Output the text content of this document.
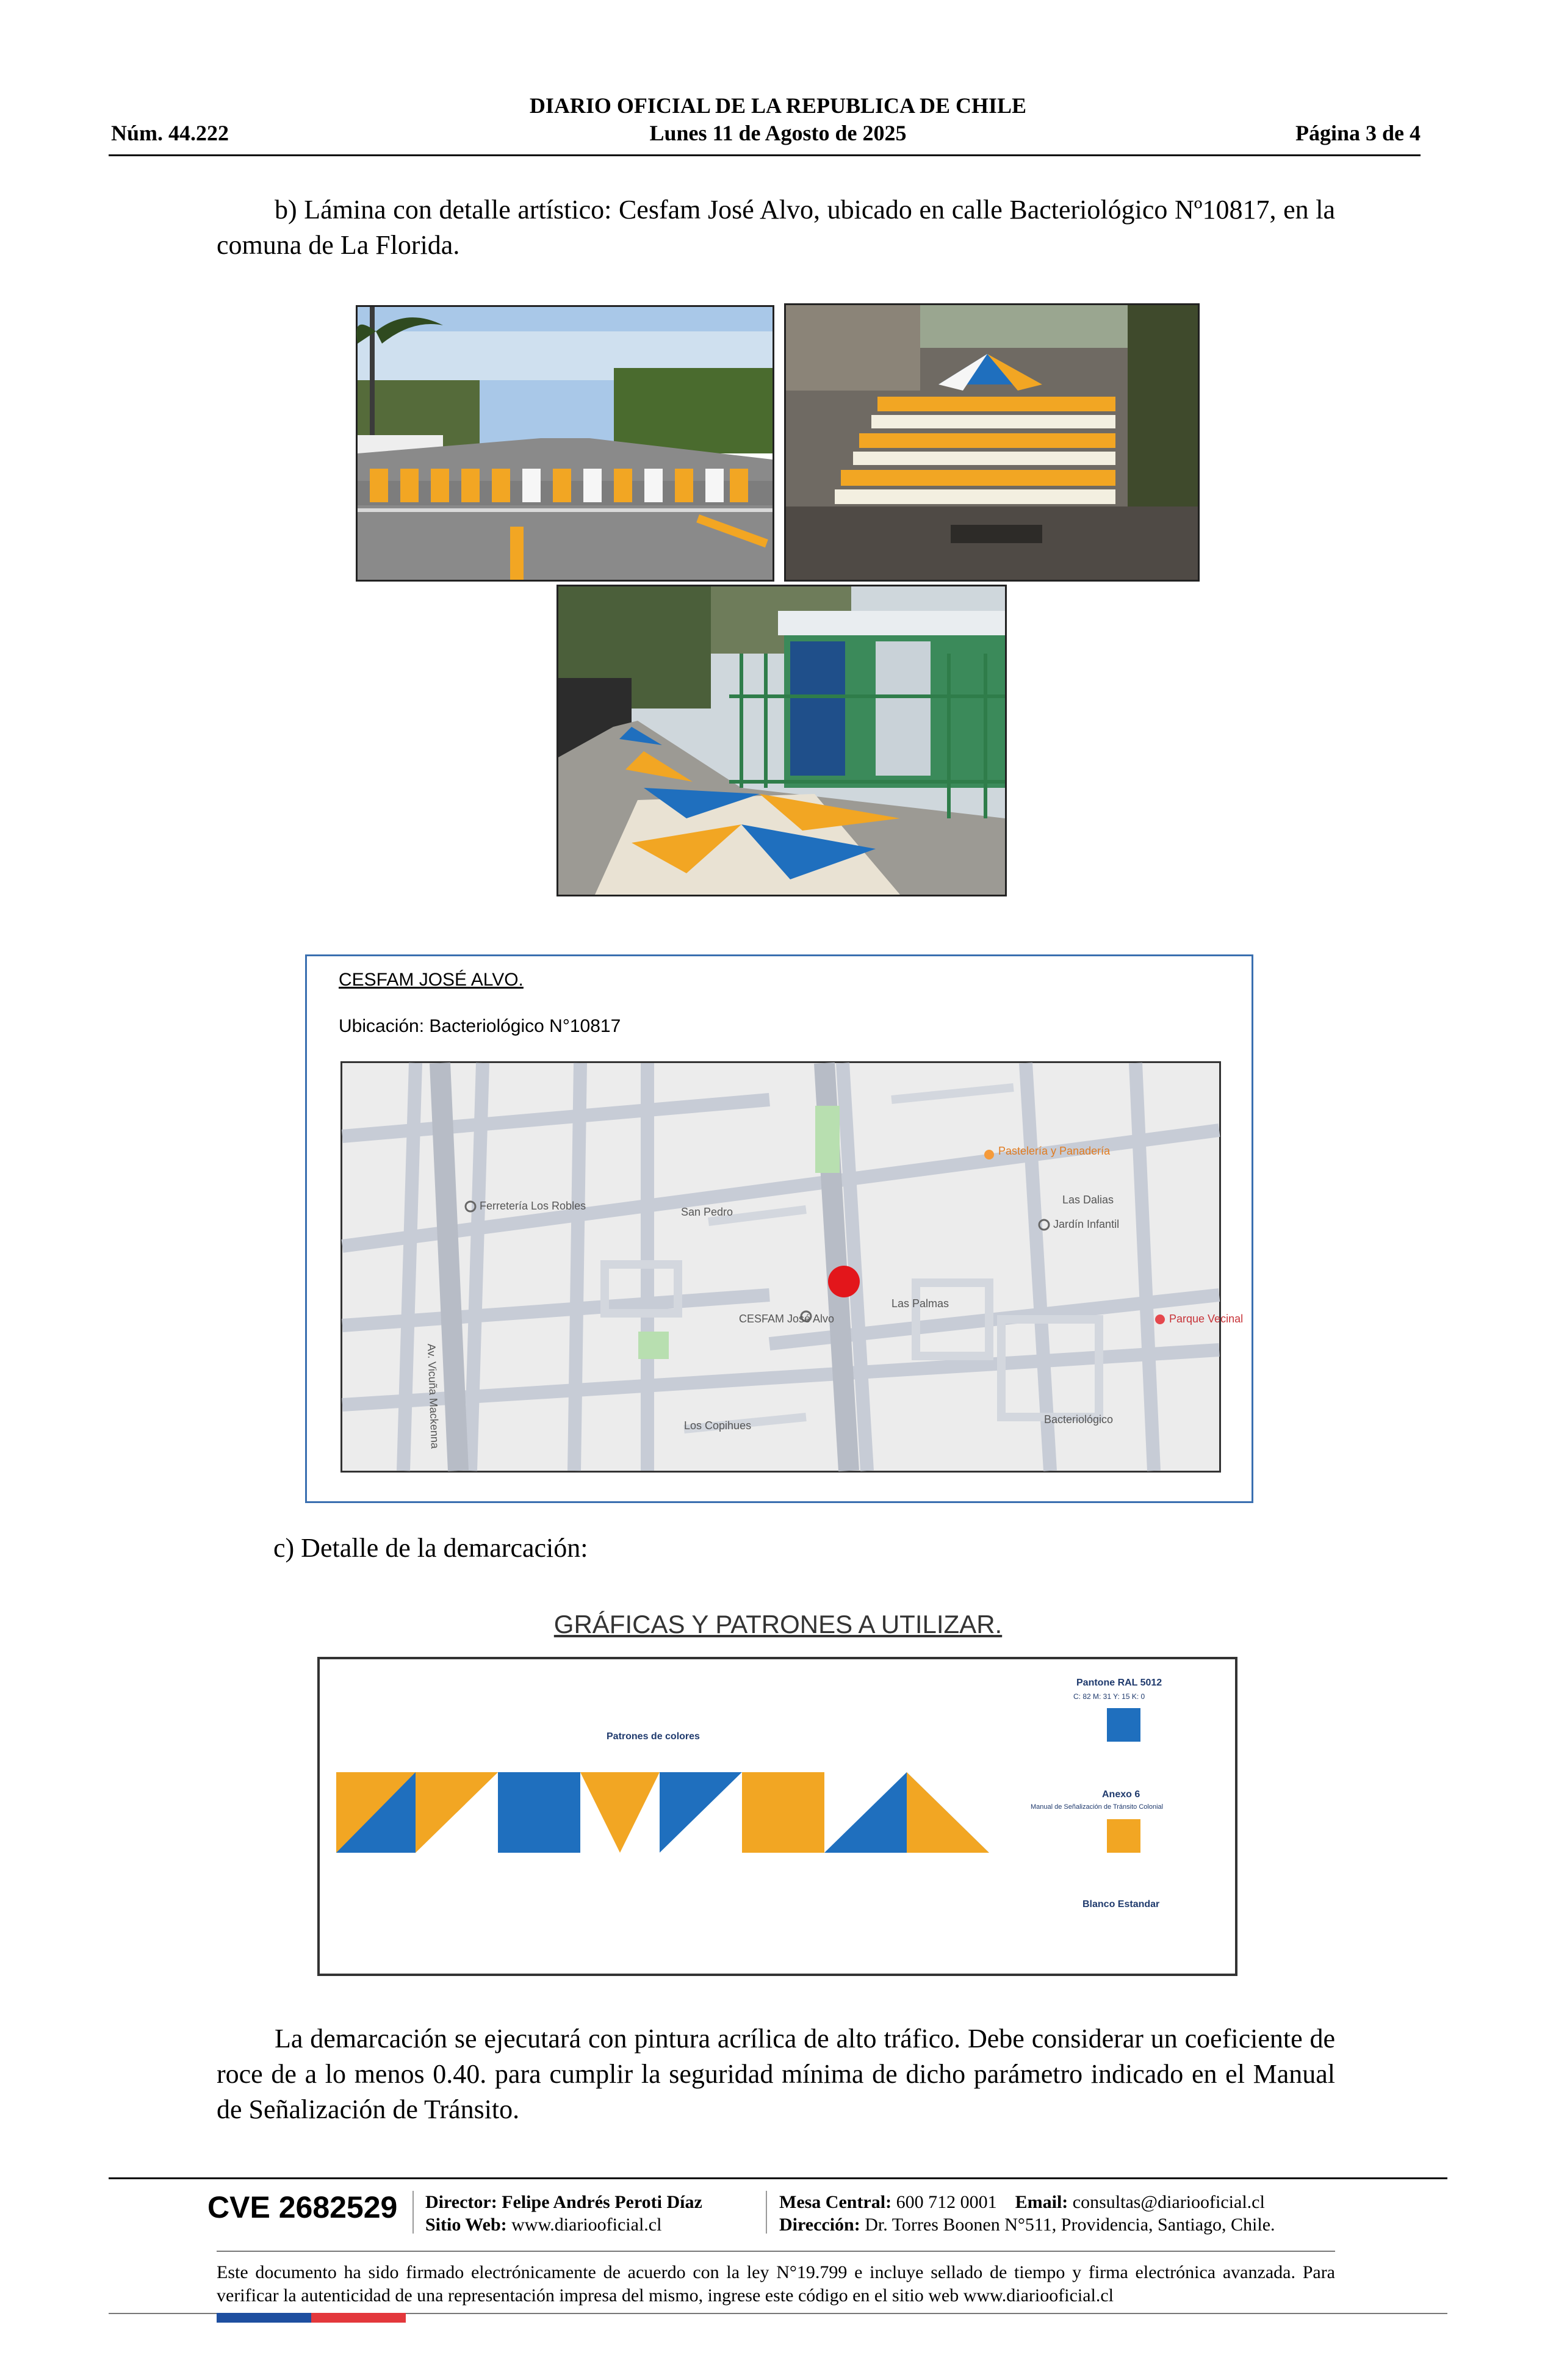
DIARIO OFICIAL DE LA REPUBLICA DE CHILE
Núm. 44.222	Lunes 11 de Agosto de 2025	Página 3 de 4

b) Lámina con detalle artístico: Cesfam José Alvo, ubicado en calle Bacteriológico Nº10817, en la comuna de La Florida.

CESFAM JOSÉ ALVO.
Ubicación: Bacteriológico N°10817
San Pedro
Los Copihues	Bacteriológico
Las Palmas
Las Dalias
Av. Vicuña Mackenna
CESFAM José Alvo
Ferretería Los Robles
Pastelería y Panadería
Jardín Infantil
Parque Vecinal

c) Detalle de la demarcación:

GRÁFICAS Y PATRONES A UTILIZAR.
Patrones de colores
Pantone RAL 5012
C: 82 M: 31 Y: 15 K: 0
Anexo 6
Manual de Señalización de Tránsito Colonial
Blanco Estandar

La demarcación se ejecutará con pintura acrílica de alto tráfico. Debe considerar un coeficiente de roce de a lo menos 0.40. para cumplir la seguridad mínima de dicho parámetro indicado en el Manual de Señalización de Tránsito.

CVE 2682529 Director: Felipe Andrés Peroti Díaz
Sitio Web: www.diariooficial.cl
Mesa Central: 600 712 0001 Email: consultas@diariooficial.cl
Dirección: Dr. Torres Boonen N°511, Providencia, Santiago, Chile.
Este documento ha sido firmado electrónicamente de acuerdo con la ley N°19.799 e incluye sellado de tiempo y firma electrónica avanzada. Para verificar la autenticidad de una representación impresa del mismo, ingrese este código en el sitio web www.diariooficial.cl
